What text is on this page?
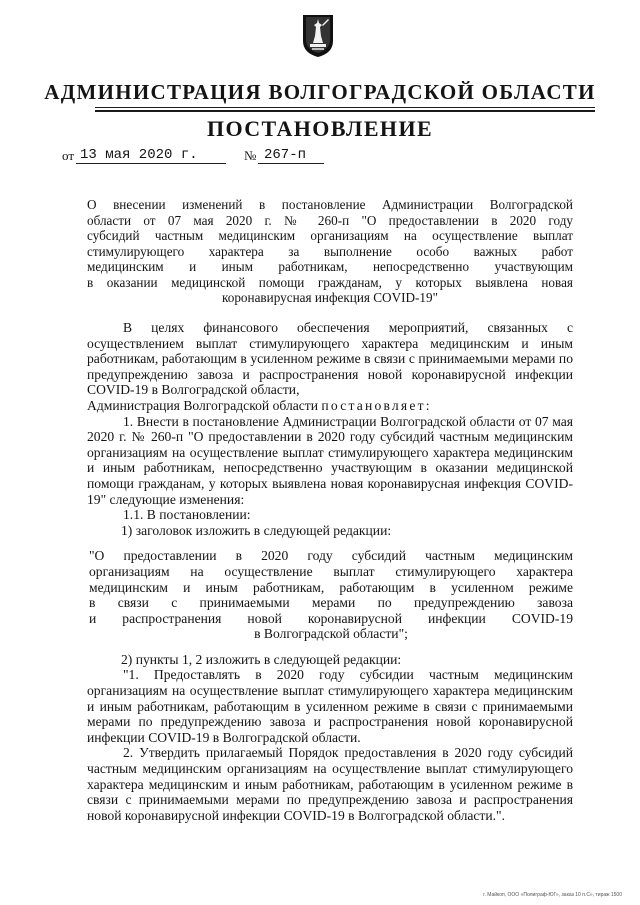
АДМИНИСТРАЦИЯ ВОЛГОГРАДСКОЙ ОБЛАСТИ
ПОСТАНОВЛЕНИЕ
от 13 мая 2020 г.	№ 267-п
О внесении изменений в постановление Администрации Волгоградской
области от 07 мая 2020 г. № 260-п "О предоставлении в 2020 году
субсидий частным медицинским организациям на осуществление выплат
стимулирующего характера за выполнение особо важных работ
медицинским и иным работникам, непосредственно участвующим
в оказании медицинской помощи гражданам, у которых выявлена новая
коронавирусная инфекция COVID-19"

В целях финансового обеспечения мероприятий, связанных с осуществлением выплат стимулирующего характера медицинским и иным работникам, работающим в усиленном режиме в связи с принимаемыми мерами по предупреждению завоза и распространения новой коронавирусной инфекции COVID-19 в Волгоградской области,
Администрация Волгоградской области постановляет:

1. Внести в постановление Администрации Волгоградской области от 07 мая 2020 г. № 260-п "О предоставлении в 2020 году субсидий частным медицинским организациям на осуществление выплат стимулирующего характера медицинским и иным работникам, непосредственно участвующим в оказании медицинской помощи гражданам, у которых выявлена новая коронавирусная инфекция COVID-19" следующие изменения:

1.1. В постановлении:

1) заголовок изложить в следующей редакции:

"О предоставлении в 2020 году субсидий частным медицинским
организациям на осуществление выплат стимулирующего характера
медицинским и иным работникам, работающим в усиленном режиме
в связи с принимаемыми мерами по предупреждению завоза
и распространения новой коронавирусной инфекции COVID-19
в Волгоградской области";

2) пункты 1, 2 изложить в следующей редакции:

"1. Предоставлять в 2020 году субсидии частным медицинским организациям на осуществление выплат стимулирующего характера медицинским и иным работникам, работающим в усиленном режиме в связи с принимаемыми мерами по предупреждению завоза и распространения новой коронавирусной инфекции COVID-19 в Волгоградской области.

2. Утвердить прилагаемый Порядок предоставления в 2020 году субсидий частным медицинским организациям на осуществление выплат стимулирующего характера медицинским и иным работникам, работающим в усиленном режиме в связи с принимаемыми мерами по предупреждению завоза и распространения новой коронавирусной инфекции COVID-19 в Волгоградской области.".

г. Майкоп, ООО «Полиграф-ЮГ», заказ 10 п.С», тираж 1500
